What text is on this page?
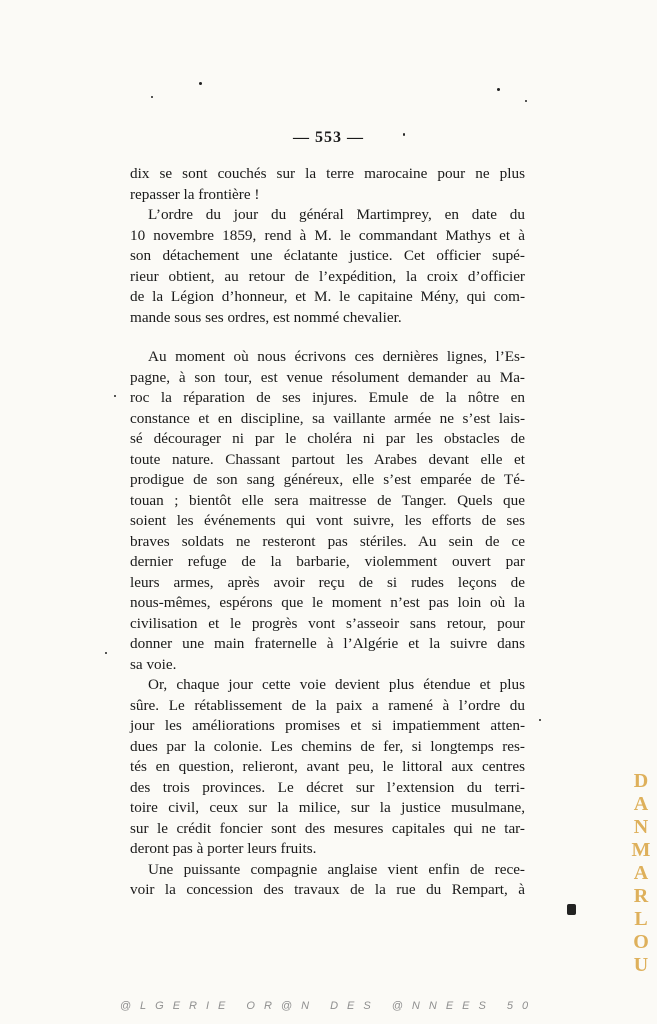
— 553 —

dix se sont couchés sur la terre marocaine pour ne plus
repasser la frontière !

L’ordre du jour du général Martimprey, en date du
10 novembre 1859, rend à M. le commandant Mathys et à
son détachement une éclatante justice. Cet officier supé-
rieur obtient, au retour de l’expédition, la croix d’officier
de la Légion d’honneur, et M. le capitaine Mény, qui com-
mande sous ses ordres, est nommé chevalier.

Au moment où nous écrivons ces dernières lignes, l’Es-
pagne, à son tour, est venue résolument demander au Ma-
roc la réparation de ses injures. Emule de la nôtre en
constance et en discipline, sa vaillante armée ne s’est lais-
sé décourager ni par le choléra ni par les obstacles de
toute nature. Chassant partout les Arabes devant elle et
prodigue de son sang généreux, elle s’est emparée de Té-
touan ; bientôt elle sera maitresse de Tanger. Quels que
soient les événements qui vont suivre, les efforts de ses
braves soldats ne resteront pas stériles. Au sein de ce
dernier refuge de la barbarie, violemment ouvert par
leurs armes, après avoir reçu de si rudes leçons de
nous-mêmes, espérons que le moment n’est pas loin où la
civilisation et le progrès vont s’asseoir sans retour, pour
donner une main fraternelle à l’Algérie et la suivre dans
sa voie.

Or, chaque jour cette voie devient plus étendue et plus
sûre. Le rétablissement de la paix a ramené à l’ordre du
jour les améliorations promises et si impatiemment atten-
dues par la colonie. Les chemins de fer, si longtemps res-
tés en question, relieront, avant peu, le littoral aux centres
des trois provinces. Le décret sur l’extension du terri-
toire civil, ceux sur la milice, sur la justice musulmane,
sur le crédit foncier sont des mesures capitales qui ne tar-
deront pas à porter leurs fruits.

Une puissante compagnie anglaise vient enfin de rece-
voir la concession des travaux de la rue du Rempart, à

D
A
N
M
A
R
L
O
U
@LGERIE OR@N DES @NNEES 50
